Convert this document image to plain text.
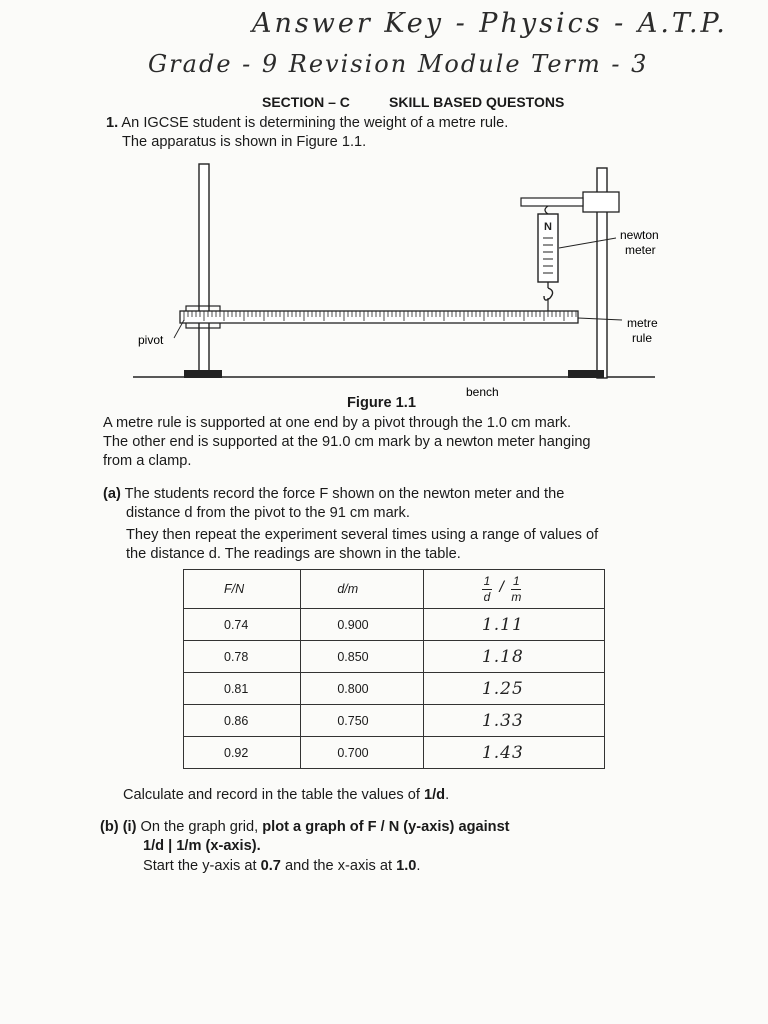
Answer Key - Physics - A.T.P.
Grade - 9 Revision Module Term - 3
SECTION – C	SKILL BASED QUESTONS
1. An IGCSE student is determining the weight of a metre rule.
The apparatus is shown in Figure 1.1.
N
newton
meter
metre
rule
pivot
bench
Figure 1.1
A metre rule is supported at one end by a pivot through the 1.0 cm mark.
The other end is supported at the 91.0 cm mark by a newton meter hanging
from a clamp.
(a) The students record the force F shown on the newton meter and the
distance d from the pivot to the 91 cm mark.
They then repeat the experiment several times using a range of values of
the distance d. The readings are shown in the table.
F/N	d/m	$\frac{1}{d} / \frac{1}{m}$

0.74	0.900	1.11
0.78	0.850	1.18
0.81	0.800	1.25
0.86	0.750	1.33
0.92	0.700	1.43
Calculate and record in the table the values of 1/d.
(b) (i) On the graph grid, plot a graph of F / N (y-axis) against
1/d | 1/m (x-axis).
Start the y-axis at 0.7 and the x-axis at 1.0.
